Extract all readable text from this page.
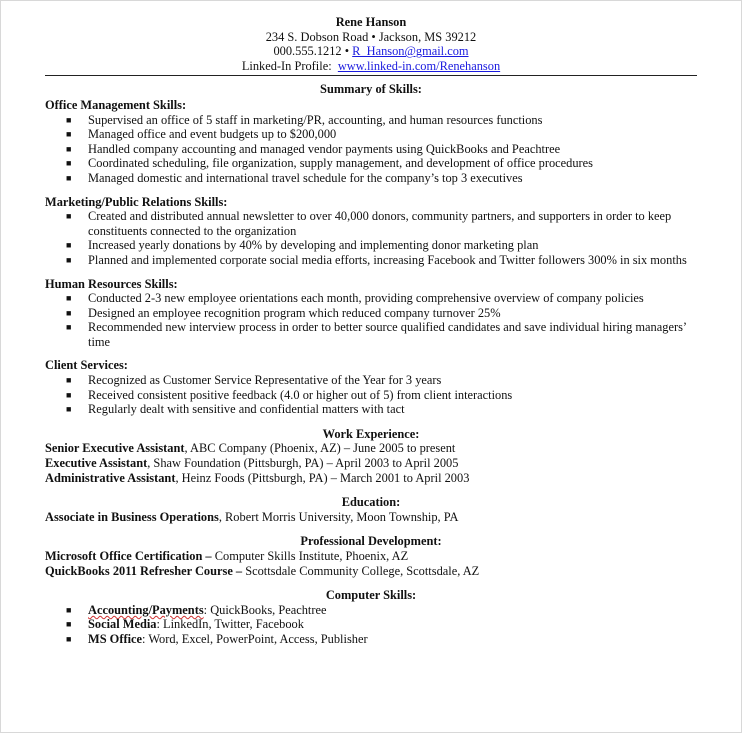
Rene Hanson
234 S. Dobson Road • Jackson, MS 39212
000.555.1212 • R_Hanson@gmail.com
Linked-In Profile: www.linked-in.com/Renehanson
Summary of Skills:
Office Management Skills:
■ Supervised an office of 5 staff in marketing/PR, accounting, and human resources functions
■ Managed office and event budgets up to $200,000
■ Handled company accounting and managed vendor payments using QuickBooks and Peachtree
■ Coordinated scheduling, file organization, supply management, and development of office procedures
■ Managed domestic and international travel schedule for the company’s top 3 executives
Marketing/Public Relations Skills:
■ Created and distributed annual newsletter to over 40,000 donors, community partners, and supporters in order to keep constituents connected to the organization
■ Increased yearly donations by 40% by developing and implementing donor marketing plan
■ Planned and implemented corporate social media efforts, increasing Facebook and Twitter followers 300% in six months
Human Resources Skills:
■ Conducted 2-3 new employee orientations each month, providing comprehensive overview of company policies
■ Designed an employee recognition program which reduced company turnover 25%
■ Recommended new interview process in order to better source qualified candidates and save individual hiring managers’ time
Client Services:
■ Recognized as Customer Service Representative of the Year for 3 years
■ Received consistent positive feedback (4.0 or higher out of 5) from client interactions
■ Regularly dealt with sensitive and confidential matters with tact
Work Experience:
Senior Executive Assistant, ABC Company (Phoenix, AZ) – June 2005 to present
Executive Assistant, Shaw Foundation (Pittsburgh, PA) – April 2003 to April 2005
Administrative Assistant, Heinz Foods (Pittsburgh, PA) – March 2001 to April 2003
Education:
Associate in Business Operations, Robert Morris University, Moon Township, PA
Professional Development:
Microsoft Office Certification – Computer Skills Institute, Phoenix, AZ
QuickBooks 2011 Refresher Course – Scottsdale Community College, Scottsdale, AZ
Computer Skills:
■ Accounting/Payments: QuickBooks, Peachtree
■ Social Media: LinkedIn, Twitter, Facebook
■ MS Office: Word, Excel, PowerPoint, Access, Publisher
